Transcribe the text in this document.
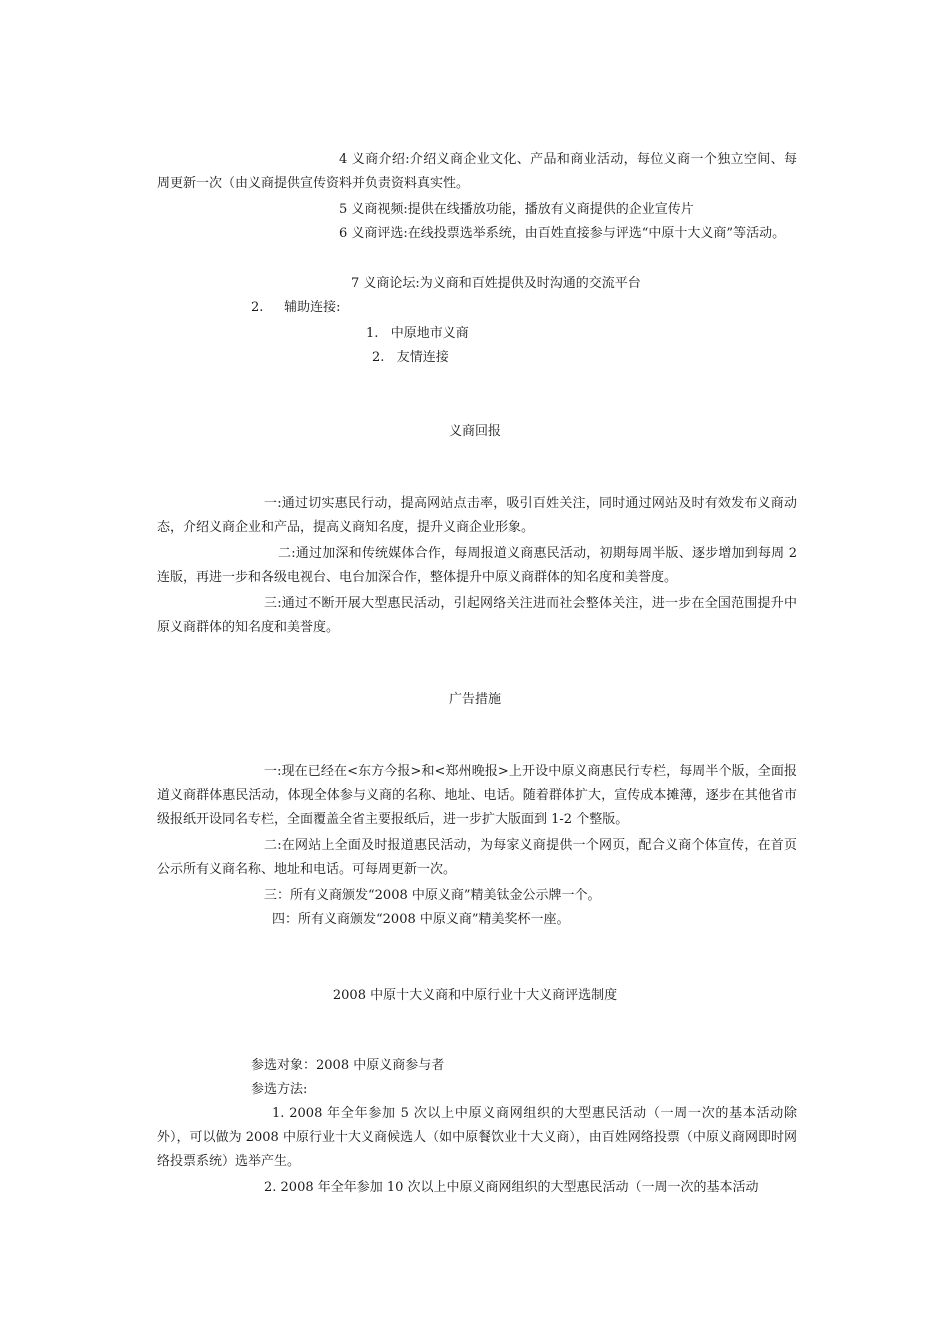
4 义商介绍:介绍义商企业文化、产品和商业活动，每位义商一个独立空间、每周更新一次（由义商提供宣传资料并负责资料真实性。
5 义商视频:提供在线播放功能，播放有义商提供的企业宣传片
6 义商评选:在线投票选举系统，由百姓直接参与评选“中原十大义商”等活动。
7 义商论坛:为义商和百姓提供及时沟通的交流平台
2.     辅助连接:
1.   中原地市义商
2.   友情连接
义商回报
一:通过切实惠民行动，提高网站点击率，吸引百姓关注，同时通过网站及时有效发布义商动态，介绍义商企业和产品，提高义商知名度，提升义商企业形象。
二:通过加深和传统媒体合作，每周报道义商惠民活动，初期每周半版、逐步增加到每周 2 连版，再进一步和各级电视台、电台加深合作，整体提升中原义商群体的知名度和美誉度。
三:通过不断开展大型惠民活动，引起网络关注进而社会整体关注，进一步在全国范围提升中原义商群体的知名度和美誉度。
广告措施
一:现在已经在<东方今报>和<郑州晚报>上开设中原义商惠民行专栏，每周半个版，全面报道义商群体惠民活动，体现全体参与义商的名称、地址、电话。随着群体扩大，宣传成本摊薄，逐步在其他省市级报纸开设同名专栏，全面覆盖全省主要报纸后，进一步扩大版面到 1-2 个整版。
二:在网站上全面及时报道惠民活动，为每家义商提供一个网页，配合义商个体宣传，在首页公示所有义商名称、地址和电话。可每周更新一次。
三：所有义商颁发“2008 中原义商”精美钛金公示牌一个。
四：所有义商颁发“2008 中原义商”精美奖杯一座。
2008 中原十大义商和中原行业十大义商评选制度
参选对象：2008 中原义商参与者
参选方法:
1. 2008 年全年参加 5 次以上中原义商网组织的大型惠民活动（一周一次的基本活动除外），可以做为 2008 中原行业十大义商候选人（如中原餐饮业十大义商），由百姓网络投票（中原义商网即时网络投票系统）选举产生。
2. 2008 年全年参加 10 次以上中原义商网组织的大型惠民活动（一周一次的基本活动
